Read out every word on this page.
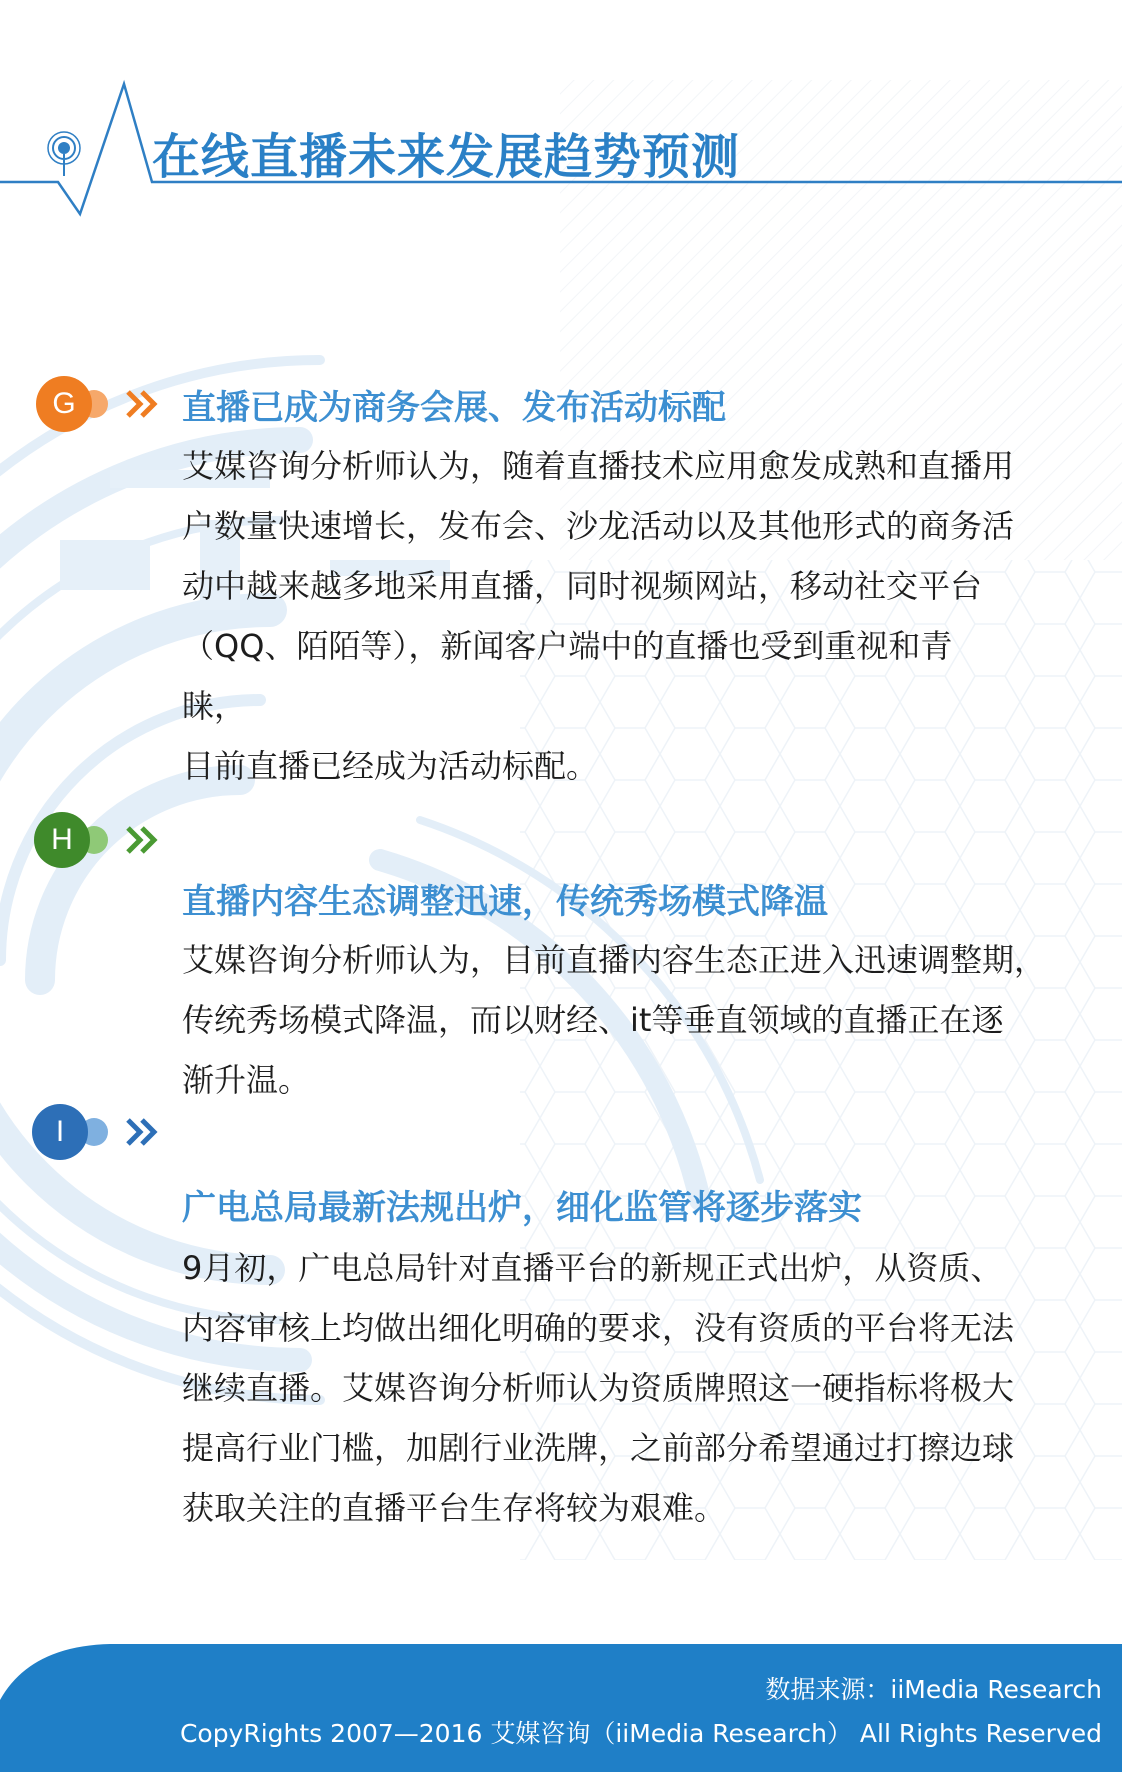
在线直播未来发展趋势预测
G	直播已成为商务会展、发布活动标配
艾媒咨询分析师认为，随着直播技术应用愈发成熟和直播用
户数量快速增长，发布会、沙龙活动以及其他形式的商务活
动中越来越多地采用直播，同时视频网站，移动社交平台
（QQ、陌陌等），新闻客户端中的直播也受到重视和青
睐，
目前直播已经成为活动标配。
H
直播内容生态调整迅速，传统秀场模式降温
艾媒咨询分析师认为，目前直播内容生态正进入迅速调整期，
传统秀场模式降温，而以财经、it等垂直领域的直播正在逐
渐升温。
I
广电总局最新法规出炉，细化监管将逐步落实
9月初，广电总局针对直播平台的新规正式出炉，从资质、
内容审核上均做出细化明确的要求，没有资质的平台将无法
继续直播。艾媒咨询分析师认为资质牌照这一硬指标将极大
提高行业门槛，加剧行业洗牌，之前部分希望通过打擦边球
获取关注的直播平台生存将较为艰难。
数据来源：iiMedia Research
CopyRights 2007—2016 艾媒咨询（iiMedia Research） All Rights Reserved
